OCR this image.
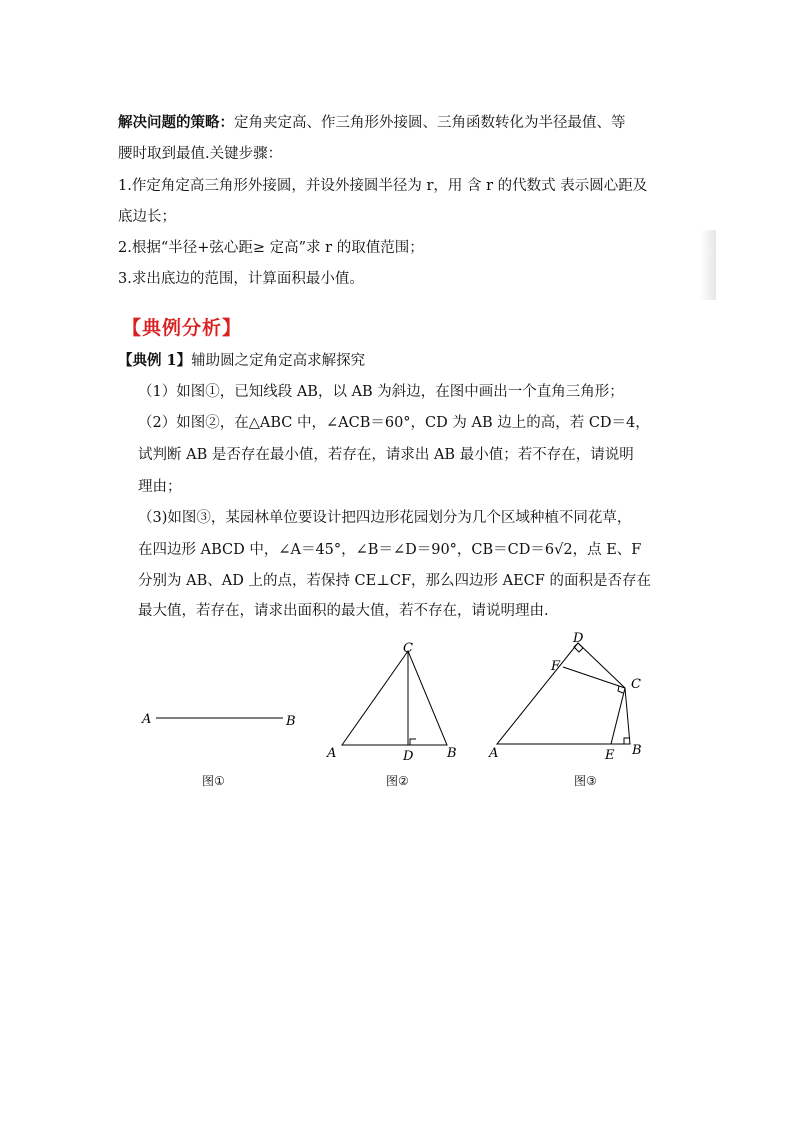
解决问题的策略：定角夹定高、作三角形外接圆、三角函数转化为半径最值、等
腰时取到最值.关键步骤：
1.作定角定高三角形外接圆，并设外接圆半径为 r，用 含 r 的代数式 表示圆心距及
底边长；
2.根据“半径+弦心距≥ 定高”求 r 的取值范围；
3.求出底边的范围，计算面积最小值。
【典例分析】
【典例 1】辅助圆之定角定高求解探究
（1）如图①，已知线段 AB，以 AB 为斜边，在图中画出一个直角三角形；
（2）如图②，在△ABC 中，∠ACB＝60°，CD 为 AB 边上的高，若 CD＝4，
试判断 AB 是否存在最小值，若存在，请求出 AB 最小值；若不存在，请说明
理由；
（3)如图③，某园林单位要设计把四边形花园划分为几个区域种植不同花草，
在四边形 ABCD 中，∠A＝45°，∠B＝∠D＝90°，CB＝CD＝6√2，点 E、F
分别为 AB、AD 上的点，若保持 CE⊥CF，那么四边形 AECF 的面积是否存在
最大值，若存在，请求出面积的最大值，若不存在，请说明理由.
A	B
A	B
C
D	A	B
C
D
E
F
图①	图②	图③
